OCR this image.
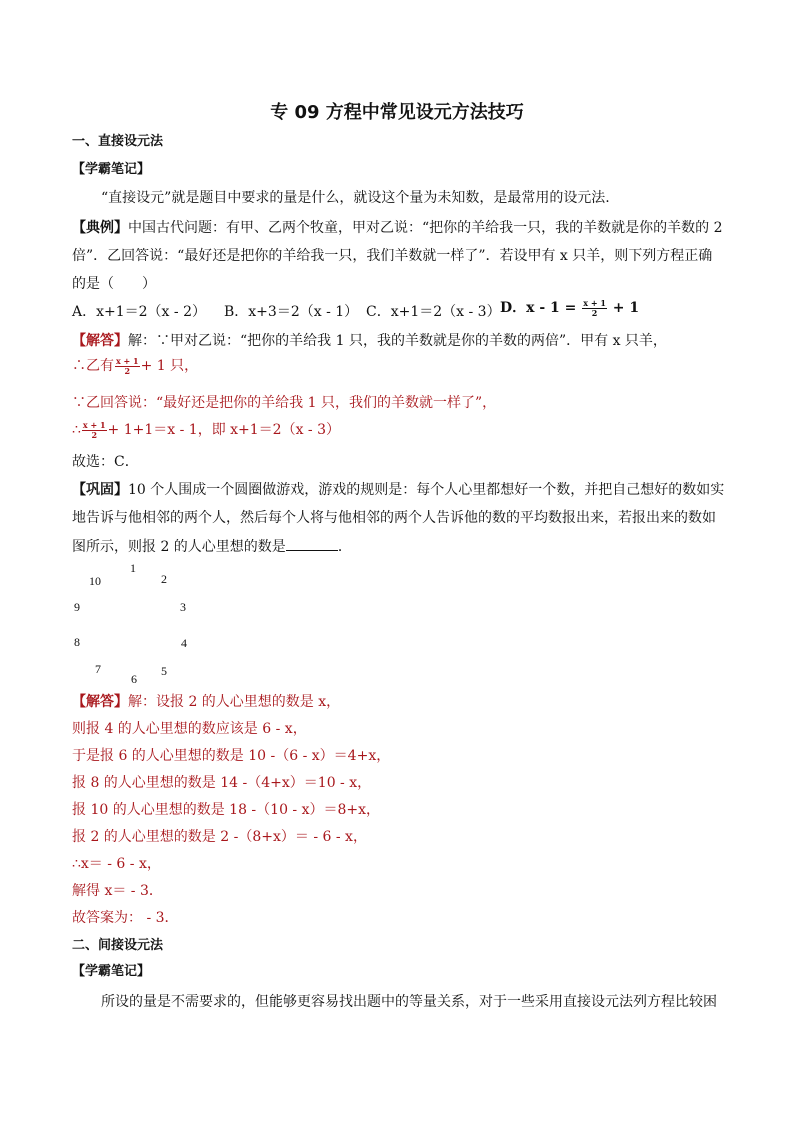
专 09 方程中常见设元方法技巧
一、直接设元法
【学霸笔记】
“直接设元”就是题目中要求的量是什么，就设这个量为未知数，是最常用的设元法.
【典例】中国古代问题：有甲、乙两个牧童，甲对乙说：“把你的羊给我一只，我的羊数就是你的羊数的 2
倍”．乙回答说：“最好还是把你的羊给我一只，我们羊数就一样了”．若设甲有 x 只羊，则下列方程正确
的是（　　）
A．x+1＝2（x - 2） B．x+3＝2（x - 1） C．x+1＝2（x - 3） D．$x - 1 = \frac{x + 1}{2} + 1$
【解答】解：∵甲对乙说：“把你的羊给我 1 只，我的羊数就是你的羊数的两倍”．甲有 x 只羊，
∴乙有 $\frac{x + 1}{2} + 1$ 只，
∵乙回答说：“最好还是把你的羊给我 1 只，我们的羊数就一样了”，
∴ $\frac{x + 1}{2} + 1+1=x - 1$，即 x+1＝2（x - 3）
故选：C．
【巩固】10 个人围成一个圆圈做游戏，游戏的规则是：每个人心里都想好一个数，并把自己想好的数如实
地告诉与他相邻的两个人，然后每个人将与他相邻的两个人告诉他的数的平均数报出来，若报出来的数如
图所示，则报 2 的人心里想的数是	．
1
2
3
4
5
6
7
8
9
10
【解答】解：设报 2 的人心里想的数是 x，
则报 4 的人心里想的数应该是 6 - x，
于是报 6 的人心里想的数是 10 -（6 - x）＝4+x，
报 8 的人心里想的数是 14 -（4+x）＝10 - x，
报 10 的人心里想的数是 18 -（10 - x）＝8+x，
报 2 的人心里想的数是 2 -（8+x）＝ - 6 - x，
∴x＝ - 6 - x，
解得 x＝ - 3．
故答案为： - 3．
二、间接设元法
【学霸笔记】
所设的量是不需要求的，但能够更容易找出题中的等量关系，对于一些采用直接设元法列方程比较困
